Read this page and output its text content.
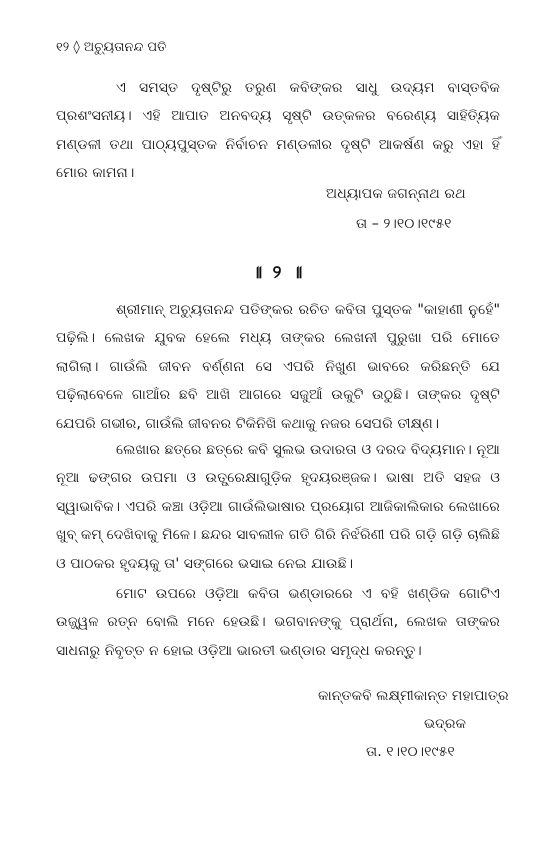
୧୨ ◊ ଅଚ୍ୟୁତାନନ୍ଦ ପତି

ଏ ସମସ୍ତ ଦୃଷ୍ଟିରୁ ତରୁଣ କବିଙ୍କର ସାଧୁ ଉଦ୍ୟମ ବାସ୍ତବିକ ପ୍ରଶଂସନୀୟ। ଏହି ଆପାତ ଅନବଦ୍ୟ ସୃଷ୍ଟି ଉତ୍କଳର ବରେଣ୍ୟ ସାହିତ୍ୟିକ ମଣ୍ଡଳୀ ତଥା ପାଠ୍ୟପୁସ୍ତକ ନିର୍ବାଚନ ମଣ୍ଡଳୀର ଦୃଷ୍ଟି ଆକର୍ଷଣ କରୁ ଏହା ହିଁ ମୋର କାମନା।

ଅଧ୍ୟାପକ ଜଗନ୍ନାଥ ରଥ
ତା – ୨।୧୦।୧୯୫୧
॥ ୨ ॥

ଶ୍ରୀମାନ୍ ଅଚ୍ୟୁତାନନ୍ଦ ପତିଙ୍କର ରଚିତ କବିତା ପୁସ୍ତକ "କାହାଣୀ ନୁହେଁ" ପଢ଼ିଲି। ଲେଖକ ଯୁବକ ହେଲେ ମଧ୍ୟ ତାଙ୍କର ଲେଖନୀ ପୁରୁଖା ପରି ମୋତେ ଲାଗିଲା। ଗାଉଁଲି ଜୀବନ ବର୍ଣ୍ଣନା ସେ ଏପରି ନିଖୁଣ ଭାବରେ କରିଛନ୍ତି ଯେ ପଢ଼ିଲାବେଳେ ଗାଆଁର ଛବି ଆଖି ଆଗରେ ସଜୁଆଁ ଉକୁଟି ଉଠୁଛି। ତାଙ୍କର ଦୃଷ୍ଟି ଯେପରି ଗଭୀର, ଗାଉଁଲି ଜୀବନର ଟିକିନିଖି କଥାକୁ ନଜର ସେପରି ତୀକ୍ଷ୍ଣ।

ଲେଖାର ଛତ୍ରେ ଛତ୍ରେ କବି ସୁଲଭ ଉଦାରତା ଓ ଦରଦ ବିଦ୍ୟମାନ। ନୂଆ ନୂଆ ଢଙ୍ଗର ଉପମା ଓ ଉତ୍ପ୍ରେକ୍ଷାଗୁଡ଼ିକ ହୃଦୟରଞ୍ଜକ। ଭାଷା ଅତି ସହଜ ଓ ସ୍ୱାଭାବିକ। ଏପରି କଞ୍ଚା ଓଡ଼ିଆ ଗାଉଁଲିଭାଷାର ପ୍ରୟୋଗ ଆଜିକାଲିକାର ଲେଖାରେ ଖୁବ୍ କମ୍ ଦେଖିବାକୁ ମିଳେ। ଛନ୍ଦର ସାବଲୀଳ ଗତି ଗିରି ନିର୍ଝରିଣୀ ପରି ଗଡ଼ି ଗଡ଼ି ଚାଲିଛି ଓ ପାଠକର ହୃଦୟକୁ ତା' ସଙ୍ଗରେ ଭସାଇ ନେଇ ଯାଉଛି।

ମୋଟ ଉପରେ ଓଡ଼ିଆ କବିତା ଭଣ୍ଡାରରେ ଏ ବହି ଖଣ୍ଡିକ ଗୋଟିଏ ଉଜ୍ଜ୍ୱଳ ରତ୍ନ ବୋଲି ମନେ ହେଉଛି। ଭଗବାନଙ୍କୁ ପ୍ରାର୍ଥନା, ଲେଖକ ତାଙ୍କର ସାଧନାରୁ ନିବୃତ୍ତ ନ ହୋଇ ଓଡ଼ିଆ ଭାରତୀ ଭଣ୍ଡାର ସମୃଦ୍ଧ କରନ୍ତୁ।

କାନ୍ତକବି ଲକ୍ଷ୍ମୀକାନ୍ତ ମହାପାତ୍ର
ଭଦ୍ରକ
ତା. ୧।୧୦।୧୯୫୧
